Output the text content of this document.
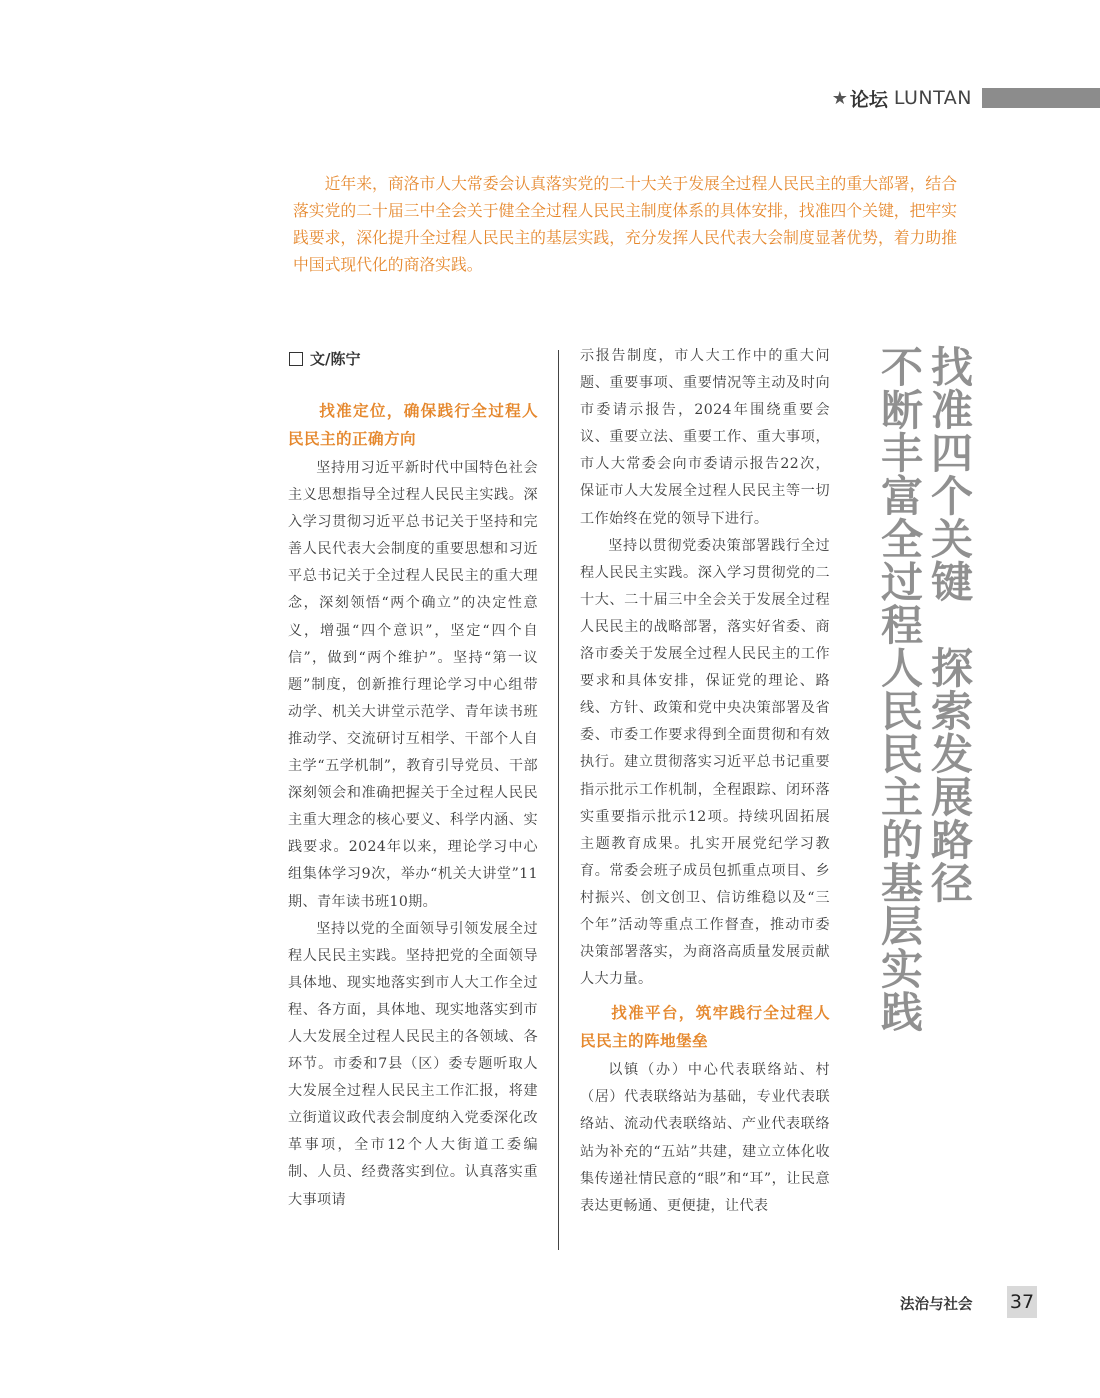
★ 论坛 LUNTAN

近年来，商洛市人大常委会认真落实党的二十大关于发展全过程人民民主的重大部署，结合落实党的二十届三中全会关于健全全过程人民民主制度体系的具体安排，找准四个关键，把牢实践要求，深化提升全过程人民民主的基层实践，充分发挥人民代表大会制度显著优势，着力助推中国式现代化的商洛实践。

文/陈宁
找准定位，确保践行全过程人民民主的正确方向

坚持用习近平新时代中国特色社会主义思想指导全过程人民民主实践。深入学习贯彻习近平总书记关于坚持和完善人民代表大会制度的重要思想和习近平总书记关于全过程人民民主的重大理念，深刻领悟“两个确立”的决定性意义，增强“四个意识”，坚定“四个自信”，做到“两个维护”。坚持“第一议题”制度，创新推行理论学习中心组带动学、机关大讲堂示范学、青年读书班推动学、交流研讨互相学、干部个人自主学“五学机制”，教育引导党员、干部深刻领会和准确把握关于全过程人民民主重大理念的核心要义、科学内涵、实践要求。2024年以来，理论学习中心组集体学习9次，举办“机关大讲堂”11期、青年读书班10期。

坚持以党的全面领导引领发展全过程人民民主实践。坚持把党的全面领导具体地、现实地落实到市人大工作全过程、各方面，具体地、现实地落实到市人大发展全过程人民民主的各领域、各环节。市委和7县（区）委专题听取人大发展全过程人民民主工作汇报，将建立街道议政代表会制度纳入党委深化改革事项，全市12个人大街道工委编制、人员、经费落实到位。认真落实重大事项请

示报告制度，市人大工作中的重大问题、重要事项、重要情况等主动及时向市委请示报告，2024年围绕重要会议、重要立法、重要工作、重大事项，市人大常委会向市委请示报告22次，保证市人大发展全过程人民民主等一切工作始终在党的领导下进行。

坚持以贯彻党委决策部署践行全过程人民民主实践。深入学习贯彻党的二十大、二十届三中全会关于发展全过程人民民主的战略部署，落实好省委、商洛市委关于发展全过程人民民主的工作要求和具体安排，保证党的理论、路线、方针、政策和党中央决策部署及省委、市委工作要求得到全面贯彻和有效执行。建立贯彻落实习近平总书记重要指示批示工作机制，全程跟踪、闭环落实重要指示批示12项。持续巩固拓展主题教育成果。扎实开展党纪学习教育。常委会班子成员包抓重点项目、乡村振兴、创文创卫、信访维稳以及“三个年”活动等重点工作督查，推动市委决策部署落实，为商洛高质量发展贡献人大力量。

找准平台，筑牢践行全过程人民民主的阵地堡垒

以镇（办）中心代表联络站、村（居）代表联络站为基础，专业代表联络站、流动代表联络站、产业代表联络站为补充的“五站”共建，建立立体化收集传递社情民意的“眼”和“耳”，让民意表达更畅通、更便捷，让代表

找准四个关键　探索发展路径
不断丰富全过程人民民主的基层实践
法治与社会 37
